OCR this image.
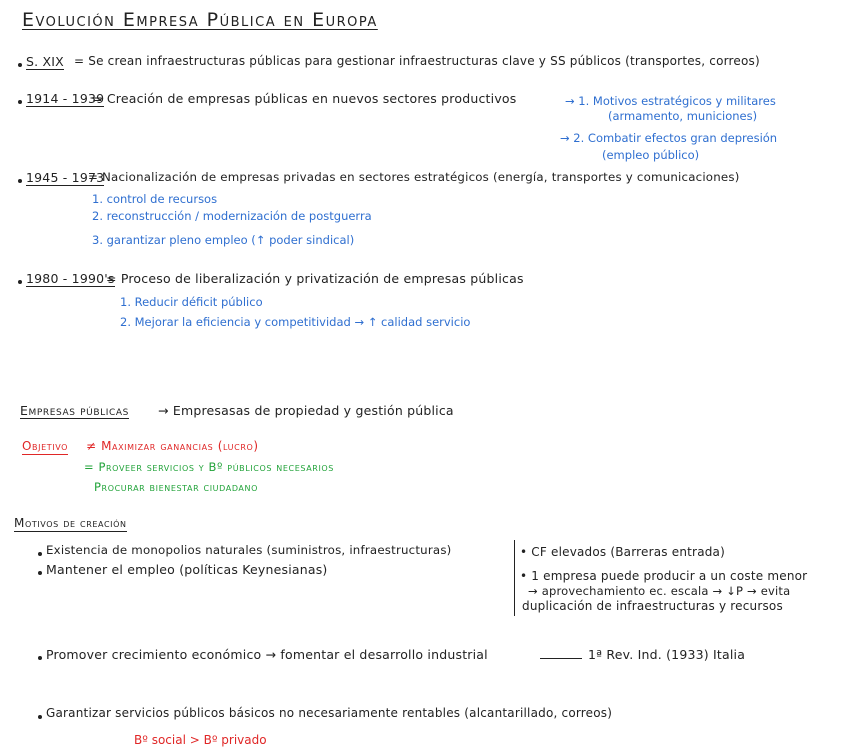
Evolución Empresa Pública en Europa
S. XIX = Se crean infraestructuras públicas para gestionar infraestructuras clave y SS públicos (transportes, correos)
1914 - 1939
= Creación de empresas públicas en nuevos sectores productivos	→ 1. Motivos estratégicos y militares
(armamento, municiones)
→ 2. Combatir efectos gran depresión
(empleo público)
1945 - 1973
= Nacionalización de empresas privadas en sectores estratégicos (energía, transportes y comunicaciones)
1. control de recursos
2. reconstrucción / modernización de postguerra
3. garantizar pleno empleo (↑ poder sindical)
1980 - 1990's
= Proceso de liberalización y privatización de empresas públicas
1. Reducir déficit público
2. Mejorar la eficiencia y competitividad → ↑ calidad servicio
Empresas públicas → Empresasas de propiedad y gestión pública
Objetivo ≠ Maximizar ganancias (lucro)
= Proveer servicios y Bº públicos necesarios
Procurar bienestar ciudadano
Motivos de creación
Existencia de monopolios naturales (suministros, infraestructuras)
Mantener el empleo (políticas Keynesianas)
• CF elevados (Barreras entrada)
• 1 empresa puede producir a un coste menor
→ aprovechamiento ec. escala → ↓P → evita
duplicación de infraestructuras y recursos
Promover crecimiento económico → fomentar el desarrollo industrial	1ª Rev. Ind. (1933) Italia
Garantizar servicios públicos básicos no necesariamente rentables (alcantarillado, correos)
Bº social > Bº privado
